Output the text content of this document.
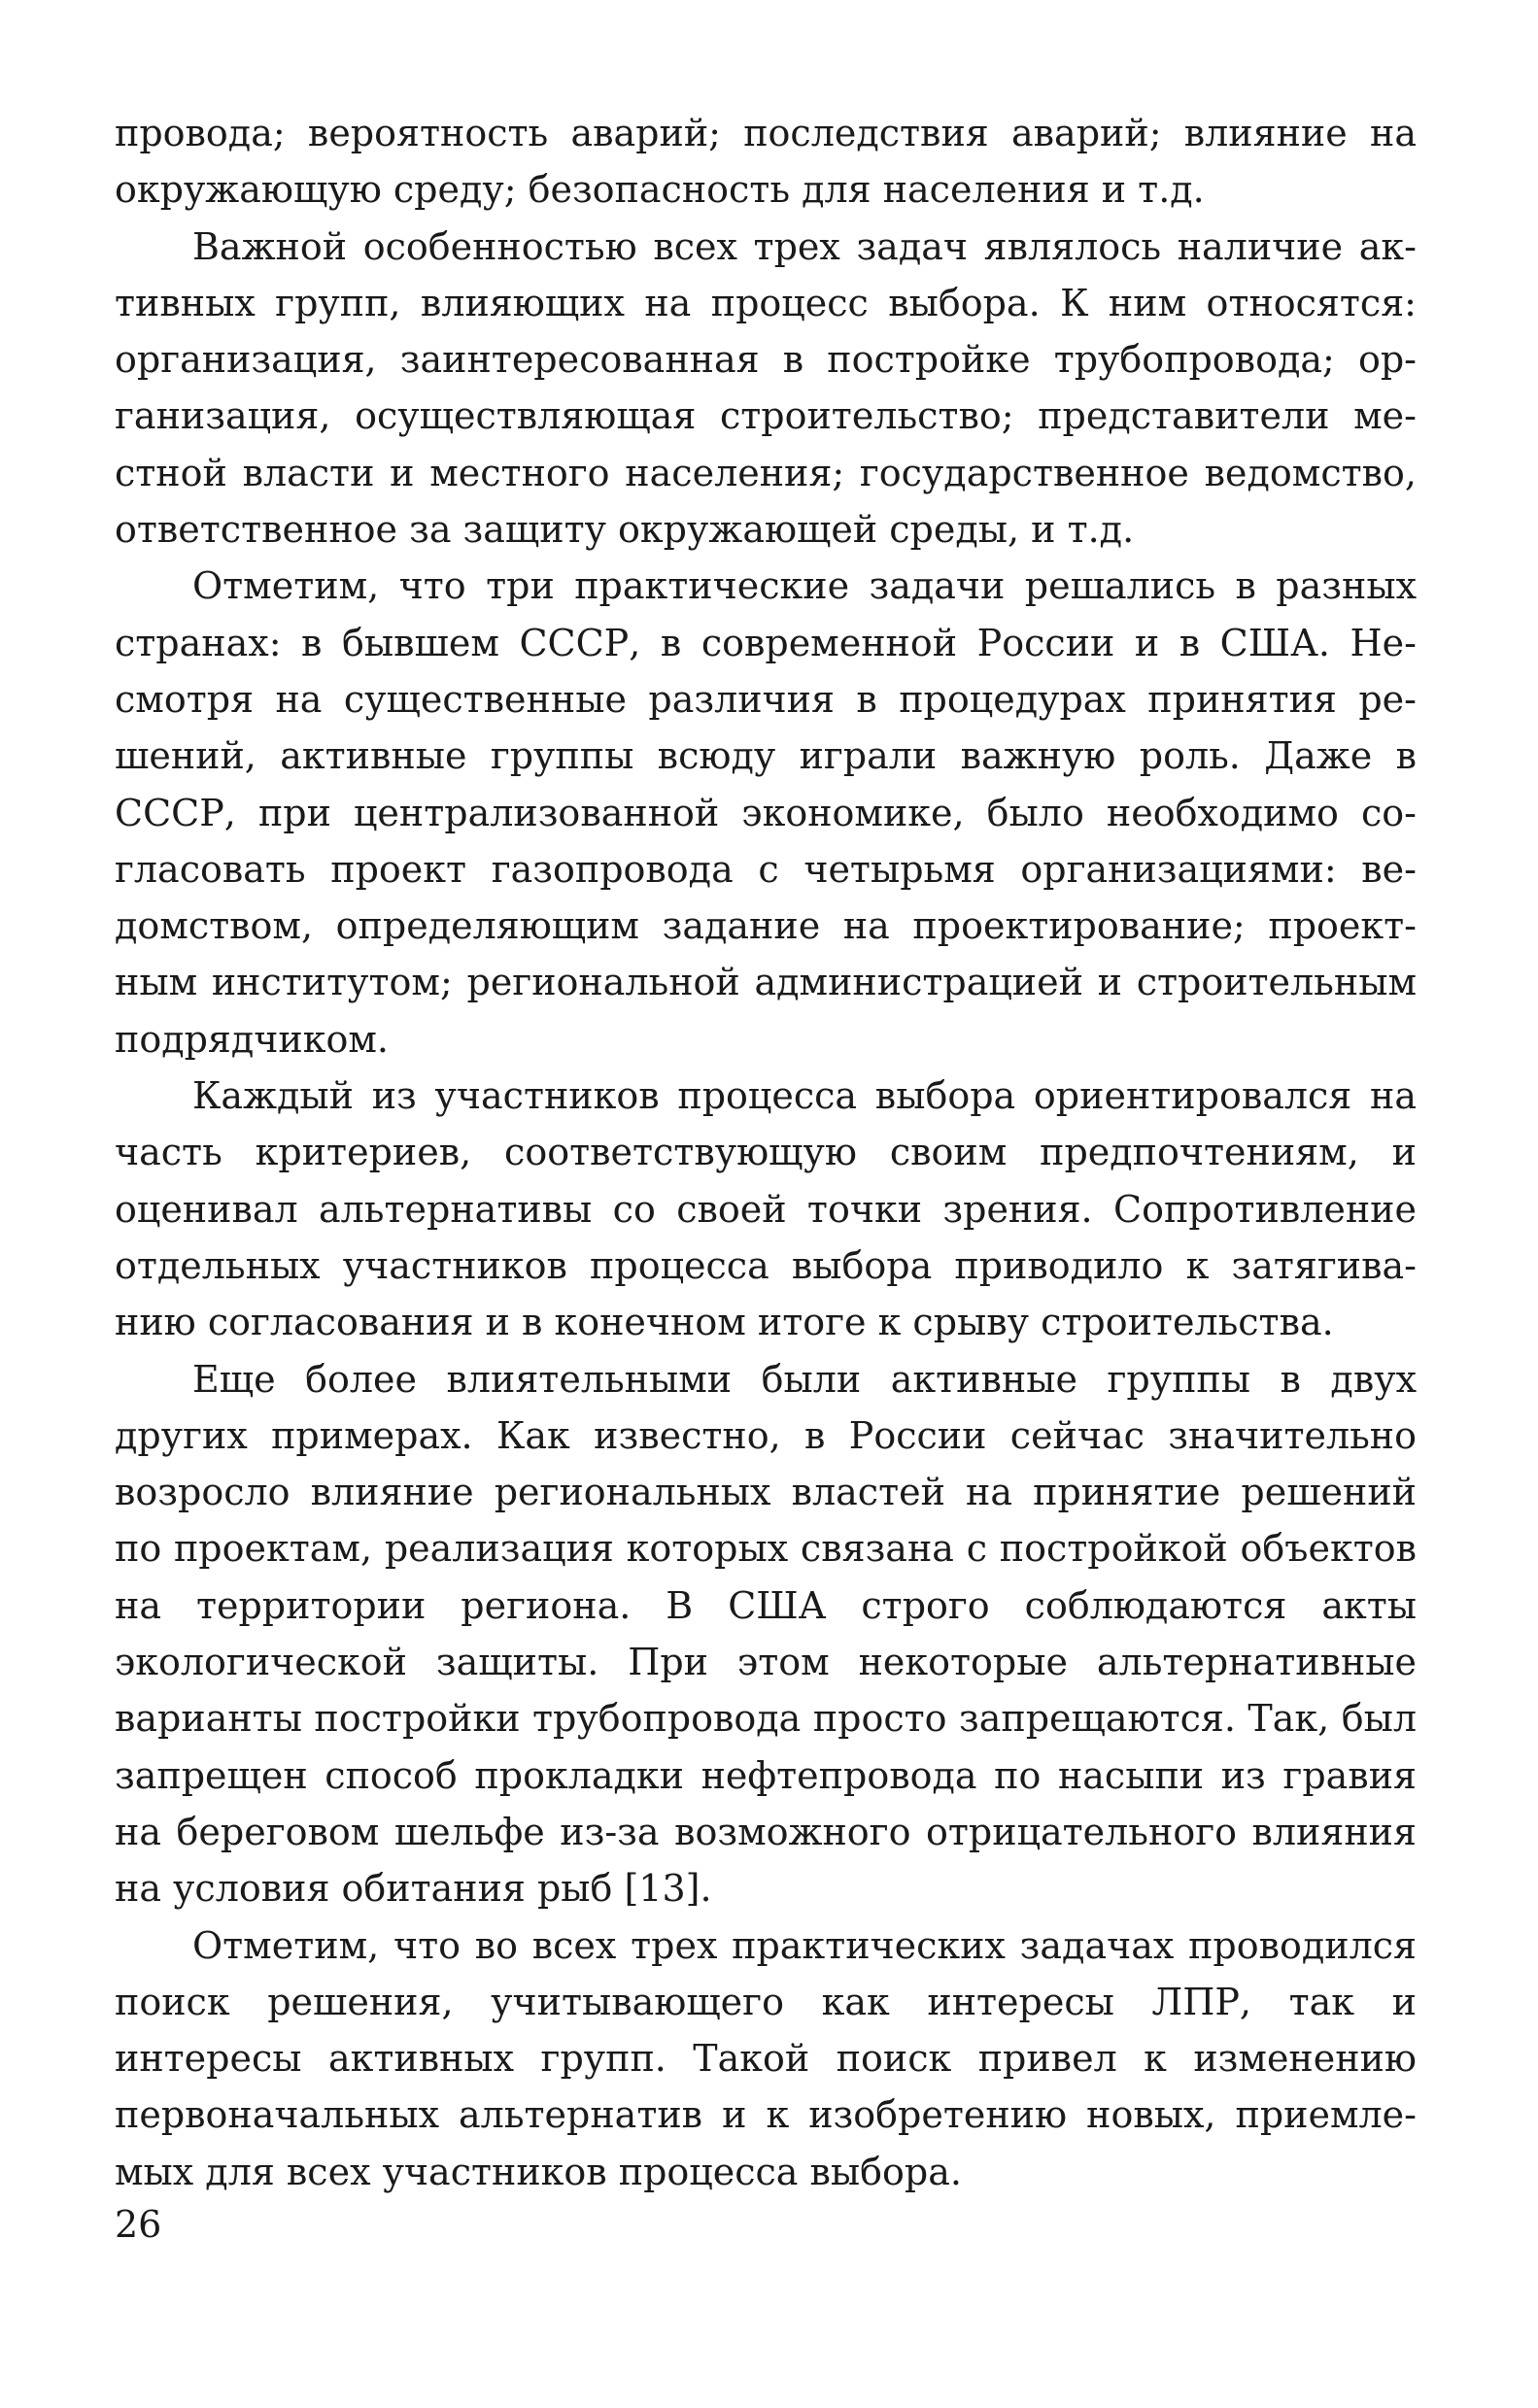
провода; вероятность аварий; последствия аварий; влияние на окружающую среду; безопасность для населения и т.д.

Важной особенностью всех трех задач являлось наличие активных групп, влияющих на процесс выбора. К ним относятся: организация, заинтересованная в постройке трубопровода; организация, осуществляющая строительство; представители местной власти и местного населения; государственное ведомство, ответственное за защиту окружающей среды, и т.д.

Отметим, что три практические задачи решались в разных странах: в бывшем СССР, в современной России и в США. Несмотря на существенные различия в процедурах принятия решений, активные группы всюду играли важную роль. Даже в СССР, при централизованной экономике, было необходимо согласовать проект газопровода с четырьмя организациями: ведомством, определяющим задание на проектирование; проектным институтом; региональной администрацией и строительным подрядчиком.

Каждый из участников процесса выбора ориентировался на часть критериев, соответствующую своим предпочтениям, и оценивал альтернативы со своей точки зрения. Сопротивление отдельных участников процесса выбора приводило к затягиванию согласования и в конечном итоге к срыву строительства.

Еще более влиятельными были активные группы в двух других примерах. Как известно, в России сейчас значительно возросло влияние региональных властей на принятие решений по проектам, реализация которых связана с постройкой объектов на территории региона. В США строго соблюдаются акты экологической защиты. При этом некоторые альтернативные варианты постройки трубопровода просто запрещаются. Так, был запрещен способ прокладки нефтепровода по насыпи из гравия на береговом шельфе из-за возможного отрицательного влияния на условия обитания рыб [13].

Отметим, что во всех трех практических задачах проводился поиск решения, учитывающего как интересы ЛПР, так и интересы активных групп. Такой поиск привел к изменению первоначальных альтернатив и к изобретению новых, приемлемых для всех участников процесса выбора.

26
